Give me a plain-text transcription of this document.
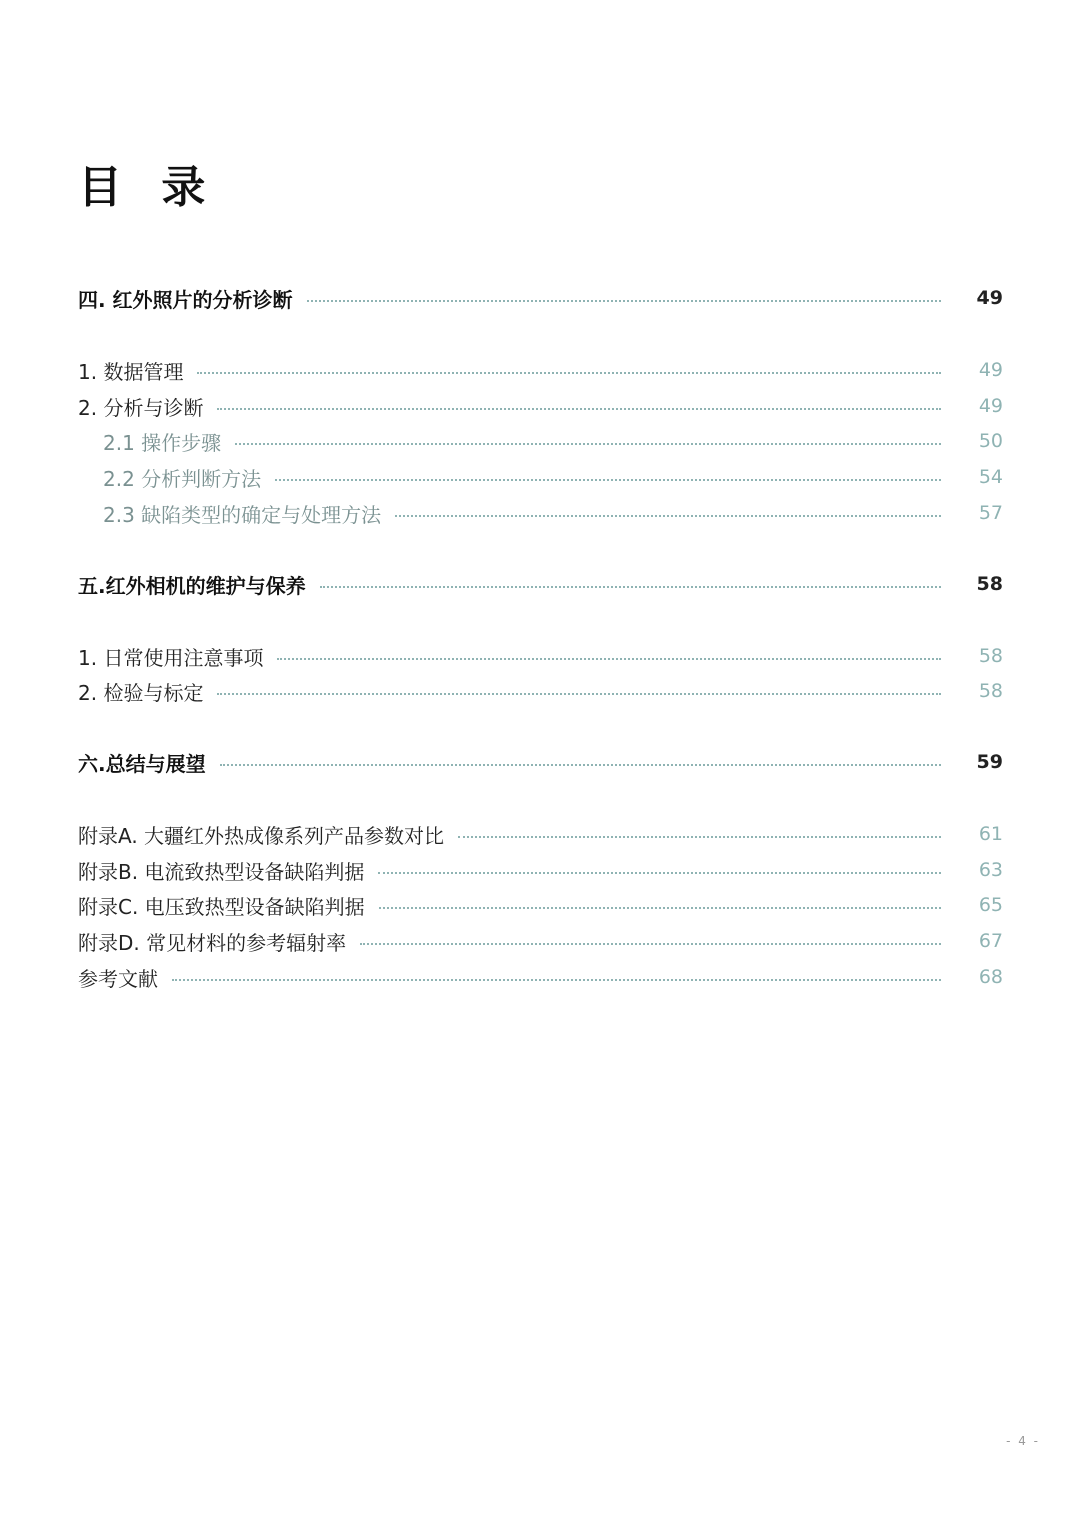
目 录
四. 红外照片的分析诊断	49
1. 数据管理	49
2. 分析与诊断	49
2.1 操作步骤	50
2.2 分析判断方法	54
2.3 缺陷类型的确定与处理方法	57
五.红外相机的维护与保养	58
1. 日常使用注意事项	58
2. 检验与标定	58
六.总结与展望	59
附录A. 大疆红外热成像系列产品参数对比	61
附录B. 电流致热型设备缺陷判据	63
附录C. 电压致热型设备缺陷判据	65
附录D. 常见材料的参考辐射率	67
参考文献	68
- 4 -
